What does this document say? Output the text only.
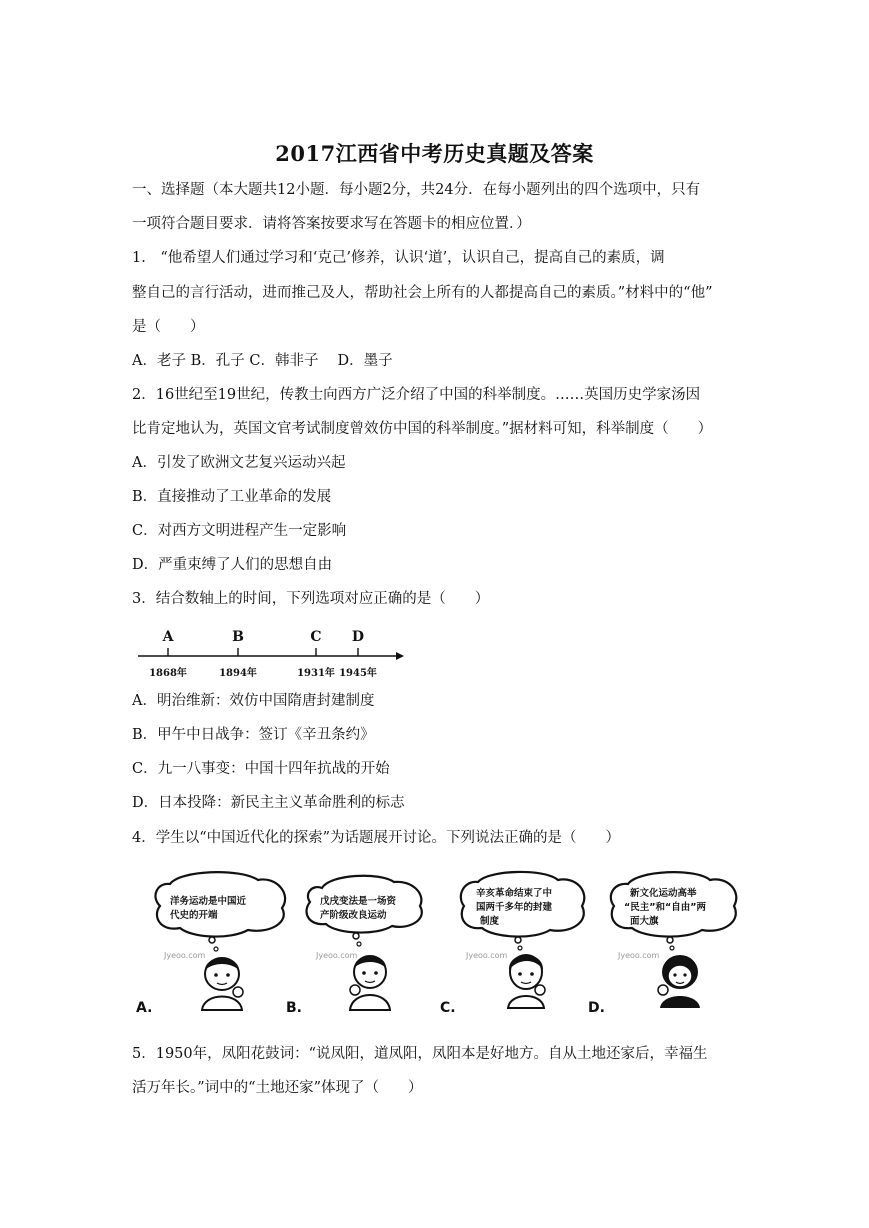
2017江西省中考历史真题及答案
一、选择题（本大题共12小题．每小题2分，共24分．在每小题列出的四个选项中，只有
一项符合题目要求．请将答案按要求写在答题卡的相应位置．）
1.　“他希望人们通过学习和‘克己’修养，认识‘道’，认识自己，提高自己的素质，调
整自己的言行活动，进而推己及人，帮助社会上所有的人都提高自己的素质。”材料中的“他”
是（　　）
A．老子 B．孔子 C．韩非子　 D．墨子
2．16世纪至19世纪，传教士向西方广泛介绍了中国的科举制度。……英国历史学家汤因
比肯定地认为，英国文官考试制度曾效仿中国的科举制度。”据材料可知，科举制度（　　）
A．引发了欧洲文艺复兴运动兴起
B．直接推动了工业革命的发展
C．对西方文明进程产生一定影响
D．严重束缚了人们的思想自由
3．结合数轴上的时间，下列选项对应正确的是（　　）
A
1868年
B
1894年
C
1931年
D
1945年
A．明治维新：效仿中国隋唐封建制度
B．甲午中日战争：签订《辛丑条约》
C．九一八事变：中国十四年抗战的开始
D．日本投降：新民主主义革命胜利的标志
4．学生以“中国近代化的探索”为话题展开讨论。下列说法正确的是（　　）
洋务运动是中国近
代史的开端
Jyeoo.com
A.
戊戌变法是一场资
产阶级改良运动
Jyeoo.com
B.
辛亥革命结束了中
国两千多年的封建
制度
Jyeoo.com
C.
新文化运动高举
“民主”和“自由”两
面大旗
Jyeoo.com
D.
5．1950年，凤阳花鼓词：“说凤阳，道凤阳，凤阳本是好地方。自从土地还家后，幸福生
活万年长。”词中的“土地还家”体现了（　　）
